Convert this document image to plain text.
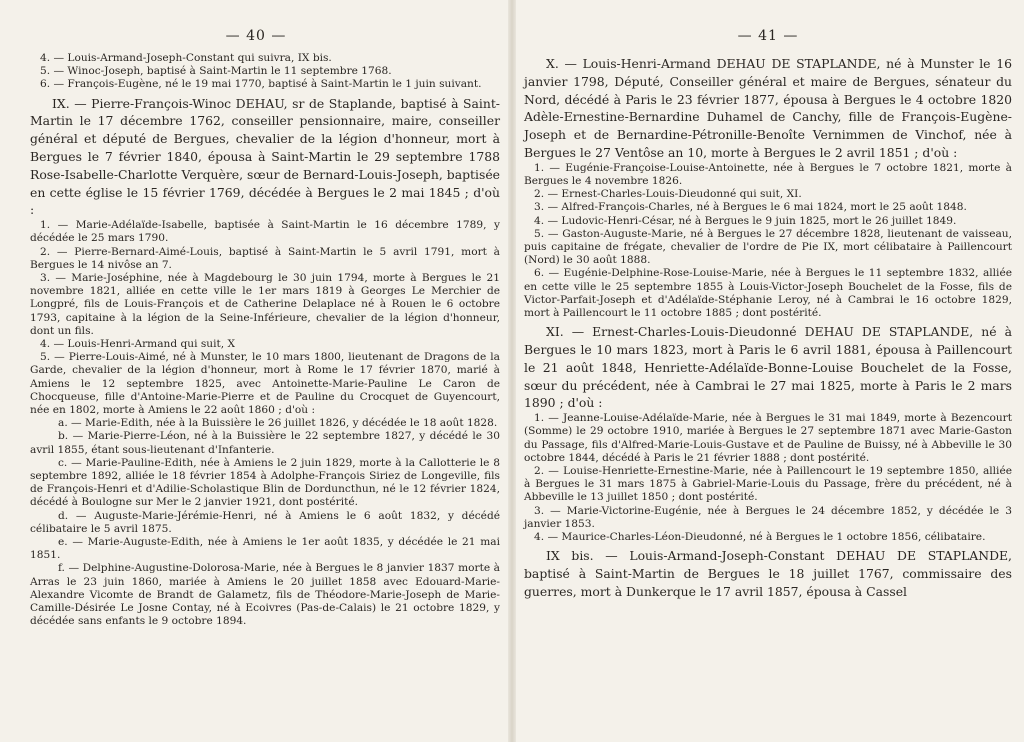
— 40 —

4. — Louis-Armand-Joseph-Constant qui suivra, IX bis.

5. — Winoc-Joseph, baptisé à Saint-Martin le 11 septembre 1768.

6. — François-Eugène, né le 19 mai 1770, baptisé à Saint-Martin le 1 juin suivant.

IX. — Pierre-François-Winoc DEHAU, sr de Staplande, baptisé à Saint-Martin le 17 décembre 1762, conseiller pensionnaire, maire, conseiller général et député de Bergues, chevalier de la légion d'honneur, mort à Bergues le 7 février 1840, épousa à Saint-Martin le 29 septembre 1788 Rose-Isabelle-Charlotte Verquère, sœur de Bernard-Louis-Joseph, baptisée en cette église le 15 février 1769, décédée à Bergues le 2 mai 1845 ; d'où :

1. — Marie-Adélaïde-Isabelle, baptisée à Saint-Martin le 16 décembre 1789, y décédée le 25 mars 1790.

2. — Pierre-Bernard-Aimé-Louis, baptisé à Saint-Martin le 5 avril 1791, mort à Bergues le 14 nivôse an 7.

3. — Marie-Joséphine, née à Magdebourg le 30 juin 1794, morte à Bergues le 21 novembre 1821, alliée en cette ville le 1er mars 1819 à Georges Le Merchier de Longpré, fils de Louis-François et de Catherine Delaplace né à Rouen le 6 octobre 1793, capitaine à la légion de la Seine-Inférieure, chevalier de la légion d'honneur, dont un fils.

4. — Louis-Henri-Armand qui suit, X

5. — Pierre-Louis-Aimé, né à Munster, le 10 mars 1800, lieutenant de Dragons de la Garde, chevalier de la légion d'honneur, mort à Rome le 17 février 1870, marié à Amiens le 12 septembre 1825, avec Antoinette-Marie-Pauline Le Caron de Chocqueuse, fille d'Antoine-Marie-Pierre et de Pauline du Crocquet de Guyencourt, née en 1802, morte à Amiens le 22 août 1860 ; d'où :

a. — Marie-Edith, née à la Buissière le 26 juillet 1826, y décédée le 18 août 1828.

b. — Marie-Pierre-Léon, né à la Buissière le 22 septembre 1827, y décédé le 30 avril 1855, étant sous-lieutenant d'Infanterie.

c. — Marie-Pauline-Edith, née à Amiens le 2 juin 1829, morte à la Callotterie le 8 septembre 1892, alliée le 18 février 1854 à Adolphe-François Siriez de Longeville, fils de François-Henri et d'Adilie-Scholastique Blin de Dorduncthun, né le 12 février 1824, décédé à Boulogne sur Mer le 2 janvier 1921, dont postérité.

d. — Auguste-Marie-Jérémie-Henri, né à Amiens le 6 août 1832, y décédé célibataire le 5 avril 1875.

e. — Marie-Auguste-Edith, née à Amiens le 1er août 1835, y décédée le 21 mai 1851.

f. — Delphine-Augustine-Dolorosa-Marie, née à Bergues le 8 janvier 1837 morte à Arras le 23 juin 1860, mariée à Amiens le 20 juillet 1858 avec Edouard-Marie-Alexandre Vicomte de Brandt de Galametz, fils de Théodore-Marie-Joseph de Marie-Camille-Désirée Le Josne Contay, né à Ecoivres (Pas-de-Calais) le 21 octobre 1829, y décédée sans enfants le 9 octobre 1894.

— 41 —

X. — Louis-Henri-Armand DEHAU DE STAPLANDE, né à Munster le 16 janvier 1798, Député, Conseiller général et maire de Bergues, sénateur du Nord, décédé à Paris le 23 février 1877, épousa à Bergues le 4 octobre 1820 Adèle-Ernestine-Bernardine Duhamel de Canchy, fille de François-Eugène-Joseph et de Bernardine-Pétronille-Benoîte Vernimmen de Vinchof, née à Bergues le 27 Ventôse an 10, morte à Bergues le 2 avril 1851 ; d'où :

1. — Eugénie-Françoise-Louise-Antoinette, née à Bergues le 7 octobre 1821, morte à Bergues le 4 novembre 1826.

2. — Ernest-Charles-Louis-Dieudonné qui suit, XI.

3. — Alfred-François-Charles, né à Bergues le 6 mai 1824, mort le 25 août 1848.

4. — Ludovic-Henri-César, né à Bergues le 9 juin 1825, mort le 26 juillet 1849.

5. — Gaston-Auguste-Marie, né à Bergues le 27 décembre 1828, lieutenant de vaisseau, puis capitaine de frégate, chevalier de l'ordre de Pie IX, mort célibataire à Paillencourt (Nord) le 30 août 1888.

6. — Eugénie-Delphine-Rose-Louise-Marie, née à Bergues le 11 septembre 1832, alliée en cette ville le 25 septembre 1855 à Louis-Victor-Joseph Bouchelet de la Fosse, fils de Victor-Parfait-Joseph et d'Adélaïde-Stéphanie Leroy, né à Cambrai le 16 octobre 1829, mort à Paillencourt le 11 octobre 1885 ; dont postérité.

XI. — Ernest-Charles-Louis-Dieudonné DEHAU DE STAPLANDE, né à Bergues le 10 mars 1823, mort à Paris le 6 avril 1881, épousa à Paillencourt le 21 août 1848, Henriette-Adélaïde-Bonne-Louise Bouchelet de la Fosse, sœur du précédent, née à Cambrai le 27 mai 1825, morte à Paris le 2 mars 1890 ; d'où :

1. — Jeanne-Louise-Adélaïde-Marie, née à Bergues le 31 mai 1849, morte à Bezencourt (Somme) le 29 octobre 1910, mariée à Bergues le 27 septembre 1871 avec Marie-Gaston du Passage, fils d'Alfred-Marie-Louis-Gustave et de Pauline de Buissy, né à Abbeville le 30 octobre 1844, décédé à Paris le 21 février 1888 ; dont postérité.

2. — Louise-Henriette-Ernestine-Marie, née à Paillencourt le 19 septembre 1850, alliée à Bergues le 31 mars 1875 à Gabriel-Marie-Louis du Passage, frère du précédent, né à Abbeville le 13 juillet 1850 ; dont postérité.

3. — Marie-Victorine-Eugénie, née à Bergues le 24 décembre 1852, y décédée le 3 janvier 1853.

4. — Maurice-Charles-Léon-Dieudonné, né à Bergues le 1 octobre 1856, célibataire.

IX bis. — Louis-Armand-Joseph-Constant DEHAU DE STAPLANDE, baptisé à Saint-Martin de Bergues le 18 juillet 1767, commissaire des guerres, mort à Dunkerque le 17 avril 1857, épousa à Cassel
